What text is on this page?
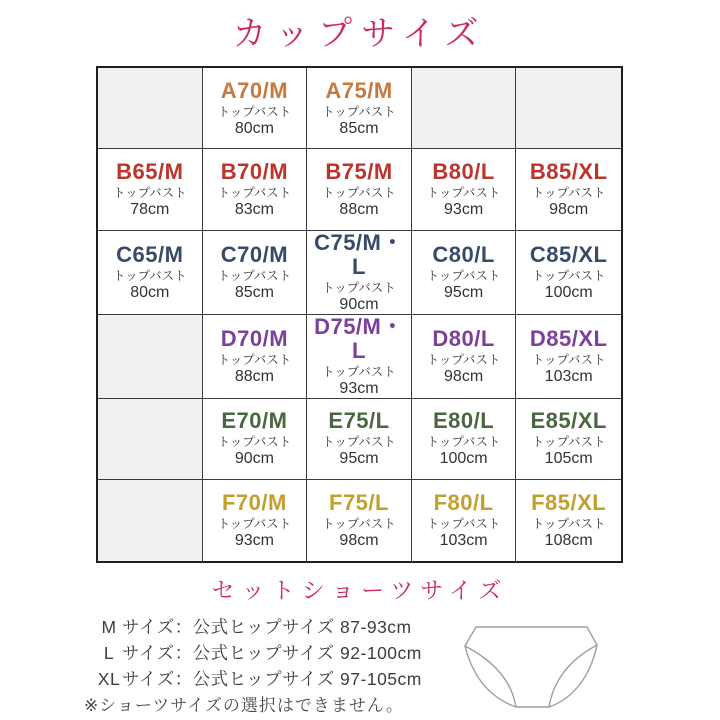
カップサイズ
A70/M
トップバスト
80cm
A75/M
トップバスト
85cm
B65/M
トップバスト
78cm
B70/M
トップバスト
83cm
B75/M
トップバスト
88cm
B80/L
トップバスト
93cm
B85/XL
トップバスト
98cm
C65/M
トップバスト
80cm
C70/M
トップバスト
85cm
C75/M・L
トップバスト
90cm
C80/L
トップバスト
95cm
C85/XL
トップバスト
100cm
D70/M
トップバスト
88cm
D75/M・L
トップバスト
93cm
D80/L
トップバスト
98cm
D85/XL
トップバスト
103cm
E70/M
トップバスト
90cm
E75/L
トップバスト
95cm
E80/L
トップバスト
100cm
E85/XL
トップバスト
105cm
F70/M
トップバスト
93cm
F75/L
トップバスト
98cm
F80/L
トップバスト
103cm
F85/XL
トップバスト
108cm
セットショーツサイズ
M サイズ：公式ヒップサイズ 87-93cm
L サイズ：公式ヒップサイズ 92-100cm
XL サイズ：公式ヒップサイズ 97-105cm
※ショーツサイズの選択はできません。
